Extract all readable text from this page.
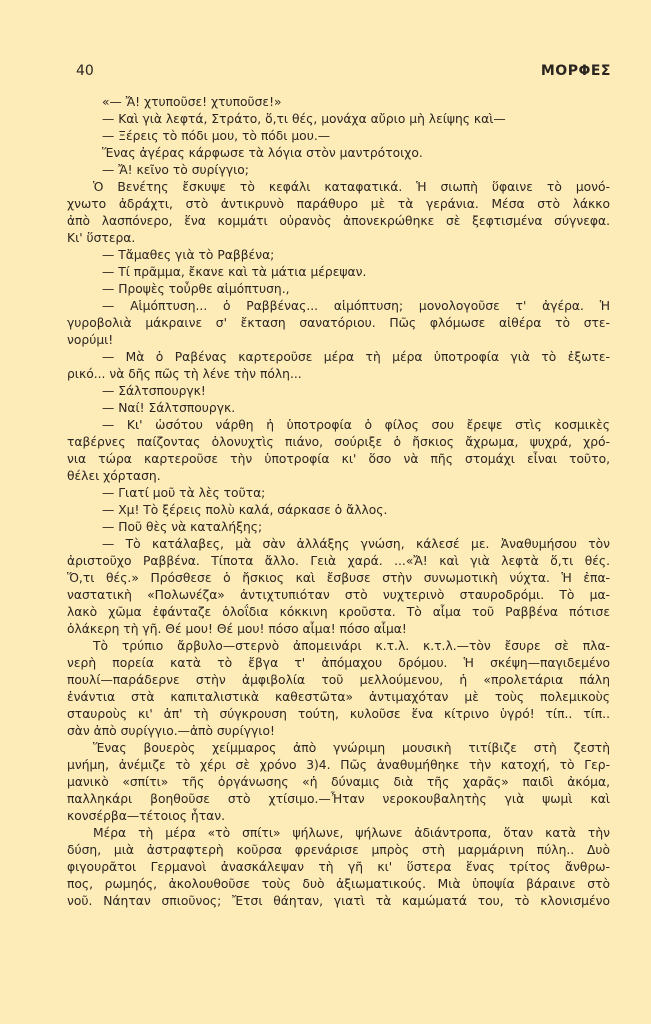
40	ΜΟΡΦΕΣ
«— Ἄ! χτυποῦσε! χτυποῦσε!»
— Καὶ γιὰ λεφτά, Στράτο, ὅ,τι θές, μονάχα αὔριο μὴ λείψης καὶ—
— Ξέρεις τὸ πόδι μου, τὸ πόδι μου.—
Ἕνας ἀγέρας κάρφωσε τὰ λόγια στὸν μαντρότοιχο.
— Ἄ! κεῖνο τὸ συρίγγιο;
Ὁ Βενέτης ἔσκυψε τὸ κεφάλι καταφατικά. Ἡ σιωπὴ ὕφαινε τὸ μονό-
χνωτο ἀδράχτι, στὸ ἀντικρυνὸ παράθυρο μὲ τὰ γεράνια. Μέσα στὸ λάκκο
ἀπὸ λασπόνερο, ἕνα κομμάτι οὐρανὸς ἀπονεκρώθηκε σὲ ξεφτισμένα σύγνεφα.
Κι' ὕστερα.
— Τἄμαθες γιὰ τὸ Ραββένα;
— Τί πρᾶμμα, ἔκανε καὶ τὰ μάτια μέρεψαν.
— Προψὲς τοὖρθε αἱμόπτυση.,
— Αἱμόπτυση... ὁ Ραββένας... αἱμόπτυση; μονολογοῦσε τ' ἀγέρα. Ἡ
γυροβολιὰ μάκραινε σ' ἔκταση σανατόριου. Πῶς φλόμωσε αἰθέρα τὸ στε-
νορύμι!
— Μὰ ὁ Ραβένας καρτεροῦσε μέρα τὴ μέρα ὑποτροφία γιὰ τὸ ἐξωτε-
ρικό... νὰ δῆς πῶς τὴ λένε τὴν πόλη...
— Σάλτσπουργκ!
— Ναί! Σάλτσπουργκ.
— Κι' ὡσότου νάρθη ἡ ὑποτροφία ὁ φίλος σου ἔρεψε στὶς κοσμικὲς
ταβέρνες παίζοντας ὁλονυχτὶς πιάνο, σούριξε ὁ ἤσκιος ἄχρωμα, ψυχρά, χρό-
νια τώρα καρτεροῦσε τὴν ὑποτροφία κι' ὅσο νὰ πῆς στομάχι εἶναι τοῦτο,
θέλει χόρταση.
— Γιατί μοῦ τὰ λὲς τοῦτα;
— Χμ! Τὸ ξέρεις πολὺ καλά, σάρκασε ὁ ἄλλος.
— Ποῦ θὲς νὰ καταλήξης;
— Τὸ κατάλαβες, μὰ σὰν ἀλλάξης γνώση, κάλεσέ με. Ἀναθυμήσου τὸν
ἀριστοῦχο Ραββένα. Τίποτα ἄλλο. Γειὰ χαρά. ...«Ἄ! καὶ γιὰ λεφτὰ ὅ,τι θές.
Ὅ,τι θές.» Πρόσθεσε ὁ ἤσκιος καὶ ἔσβυσε στὴν συνωμοτικὴ νύχτα. Ἡ ἐπα-
ναστατικὴ «Πολωνέζα» ἀντιχτυπιόταν στὸ νυχτερινὸ σταυροδρόμι. Τὸ μα-
λακὸ χῶμα ἐφάνταζε ὁλοΐδια κόκκινη κροῦστα. Τὸ αἷμα τοῦ Ραββένα πότισε
ὁλάκερη τὴ γῆ. Θέ μου! Θέ μου! πόσο αἷμα! πόσο αἷμα!
Τὸ τρύπιο ἄρβυλο—στερνὸ ἀπομεινάρι κ.τ.λ. κ.τ.λ.—τὸν ἔσυρε σὲ πλα-
νερὴ πορεία κατὰ τὸ ἔβγα τ' ἀπόμαχου δρόμου. Ἡ σκέψη—παγιδεμένο
πουλί—παράδερνε στὴν ἀμφιβολία τοῦ μελλούμενου, ἡ «προλετάρια πάλη
ἐνάντια στὰ καπιταλιστικὰ καθεστῶτα» ἀντιμαχόταν μὲ τοὺς πολεμικοὺς
σταυροὺς κι' ἀπ' τὴ σύγκρουση τούτη, κυλοῦσε ἕνα κίτρινο ὑγρό! τίπ.. τίπ..
σὰν ἀπὸ συρίγγιο.—ἀπὸ συρίγγιο!
Ἕνας βουερὸς χείμμαρος ἀπὸ γνώριμη μουσικὴ τιτίβιζε στὴ ζεστὴ
μνήμη, ἀνέμιζε τὸ χέρι σὲ χρόνο 3)4. Πῶς ἀναθυμήθηκε τὴν κατοχή, τὸ Γερ-
μανικὸ «σπίτι» τῆς ὀργάνωσης «ἡ δύναμις διὰ τῆς χαρᾶς» παιδὶ ἀκόμα,
παλληκάρι βοηθοῦσε στὸ χτίσιμο.—Ἦταν νεροκουβαλητὴς γιὰ ψωμὶ καὶ
κονσέρβα—τέτοιος ἦταν.
Μέρα τὴ μέρα «τὸ σπίτι» ψήλωνε, ψήλωνε ἀδιάντροπα, ὅταν κατὰ τὴν
δύση, μιὰ ἀστραφτερὴ κοῦρσα φρενάρισε μπρὸς στὴ μαρμάρινη πύλη.. Δυὸ
φιγουρᾶτοι Γερμανοὶ ἀνασκάλεψαν τὴ γῆ κι' ὕστερα ἕνας τρίτος ἄνθρω-
πος, ρωμηός, ἀκολουθοῦσε τοὺς δυὸ ἀξιωματικούς. Μιὰ ὑποψία βάραινε στὸ
νοῦ. Νάηταν σπιοῦνος; Ἔτσι θάηταν, γιατὶ τὰ καμώματά του, τὸ κλονισμένο
